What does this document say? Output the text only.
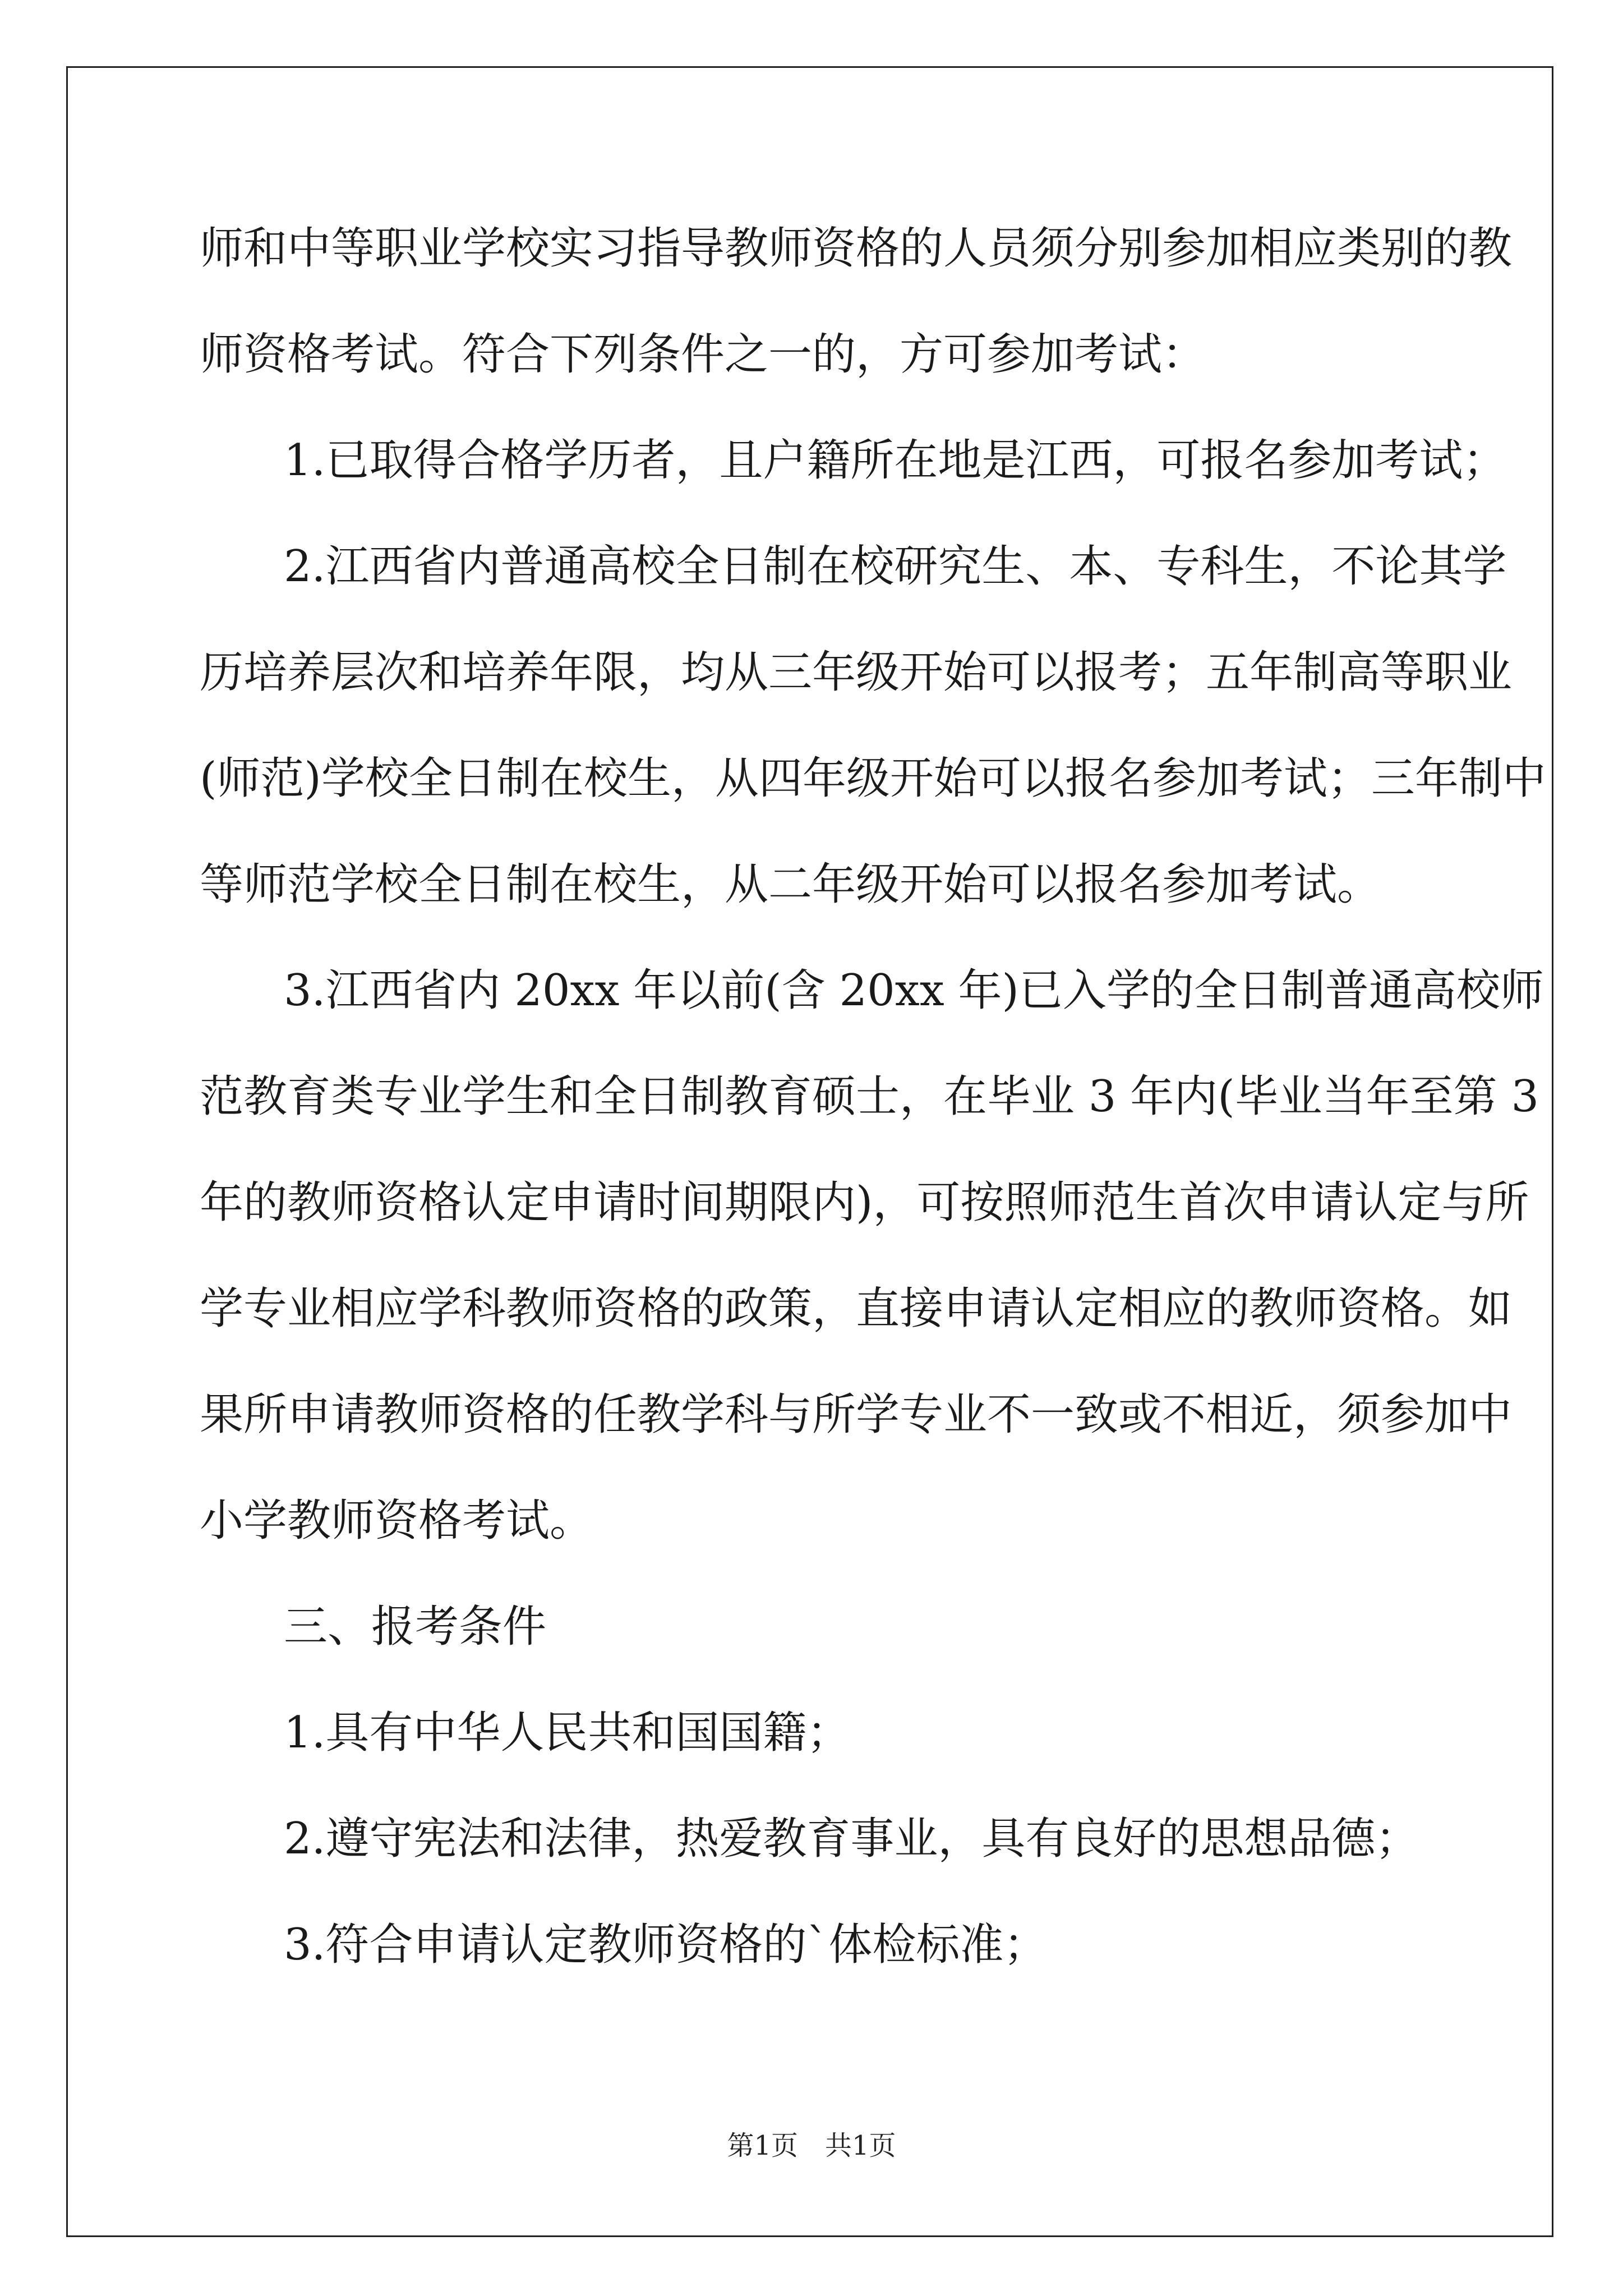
师和中等职业学校实习指导教师资格的人员须分别参加相应类别的教
师资格考试。符合下列条件之一的，方可参加考试：
1.已取得合格学历者，且户籍所在地是江西，可报名参加考试；
2.江西省内普通高校全日制在校研究生、本、专科生，不论其学
历培养层次和培养年限，均从三年级开始可以报考；五年制高等职业
(师范)学校全日制在校生，从四年级开始可以报名参加考试；三年制中
等师范学校全日制在校生，从二年级开始可以报名参加考试。
3.江西省内 20xx 年以前(含 20xx 年)已入学的全日制普通高校师
范教育类专业学生和全日制教育硕士，在毕业 3 年内(毕业当年至第 3
年的教师资格认定申请时间期限内)，可按照师范生首次申请认定与所
学专业相应学科教师资格的政策，直接申请认定相应的教师资格。如
果所申请教师资格的任教学科与所学专业不一致或不相近，须参加中
小学教师资格考试。
三、报考条件
1.具有中华人民共和国国籍；
2.遵守宪法和法律，热爱教育事业，具有良好的思想品德；
3.符合申请认定教师资格的`体检标准；
第1页 共1页
